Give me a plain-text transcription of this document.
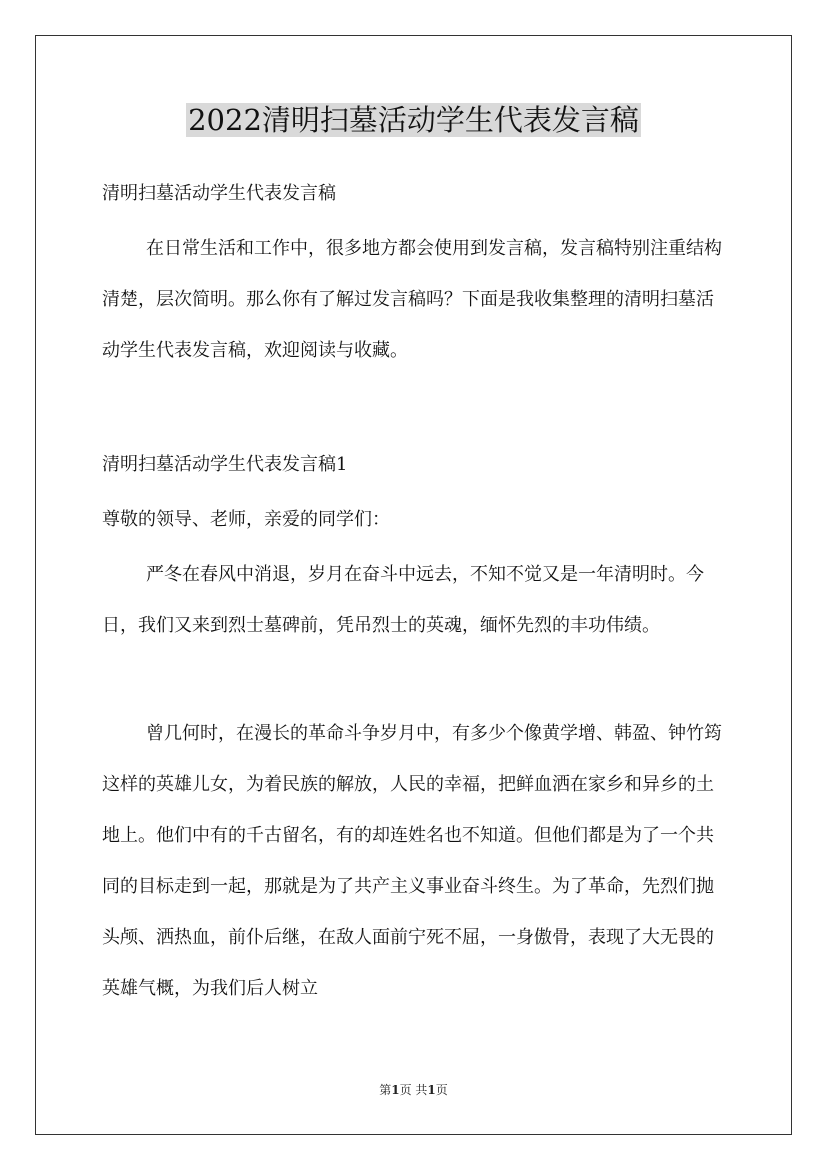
2022清明扫墓活动学生代表发言稿

清明扫墓活动学生代表发言稿

在日常生活和工作中，很多地方都会使用到发言稿，发言稿特别注重结构清楚，层次简明。那么你有了解过发言稿吗？下面是我收集整理的清明扫墓活动学生代表发言稿，欢迎阅读与收藏。

清明扫墓活动学生代表发言稿1

尊敬的领导、老师，亲爱的同学们：

严冬在春风中消退，岁月在奋斗中远去，不知不觉又是一年清明时。今日，我们又来到烈士墓碑前，凭吊烈士的英魂，缅怀先烈的丰功伟绩。

曾几何时，在漫长的革命斗争岁月中，有多少个像黄学增、韩盈、钟竹筠这样的英雄儿女，为着民族的解放，人民的幸福，把鲜血洒在家乡和异乡的土地上。他们中有的千古留名，有的却连姓名也不知道。但他们都是为了一个共同的目标走到一起，那就是为了共产主义事业奋斗终生。为了革命，先烈们抛头颅、洒热血，前仆后继，在敌人面前宁死不屈，一身傲骨，表现了大无畏的英雄气概，为我们后人树立

第1页 共1页
